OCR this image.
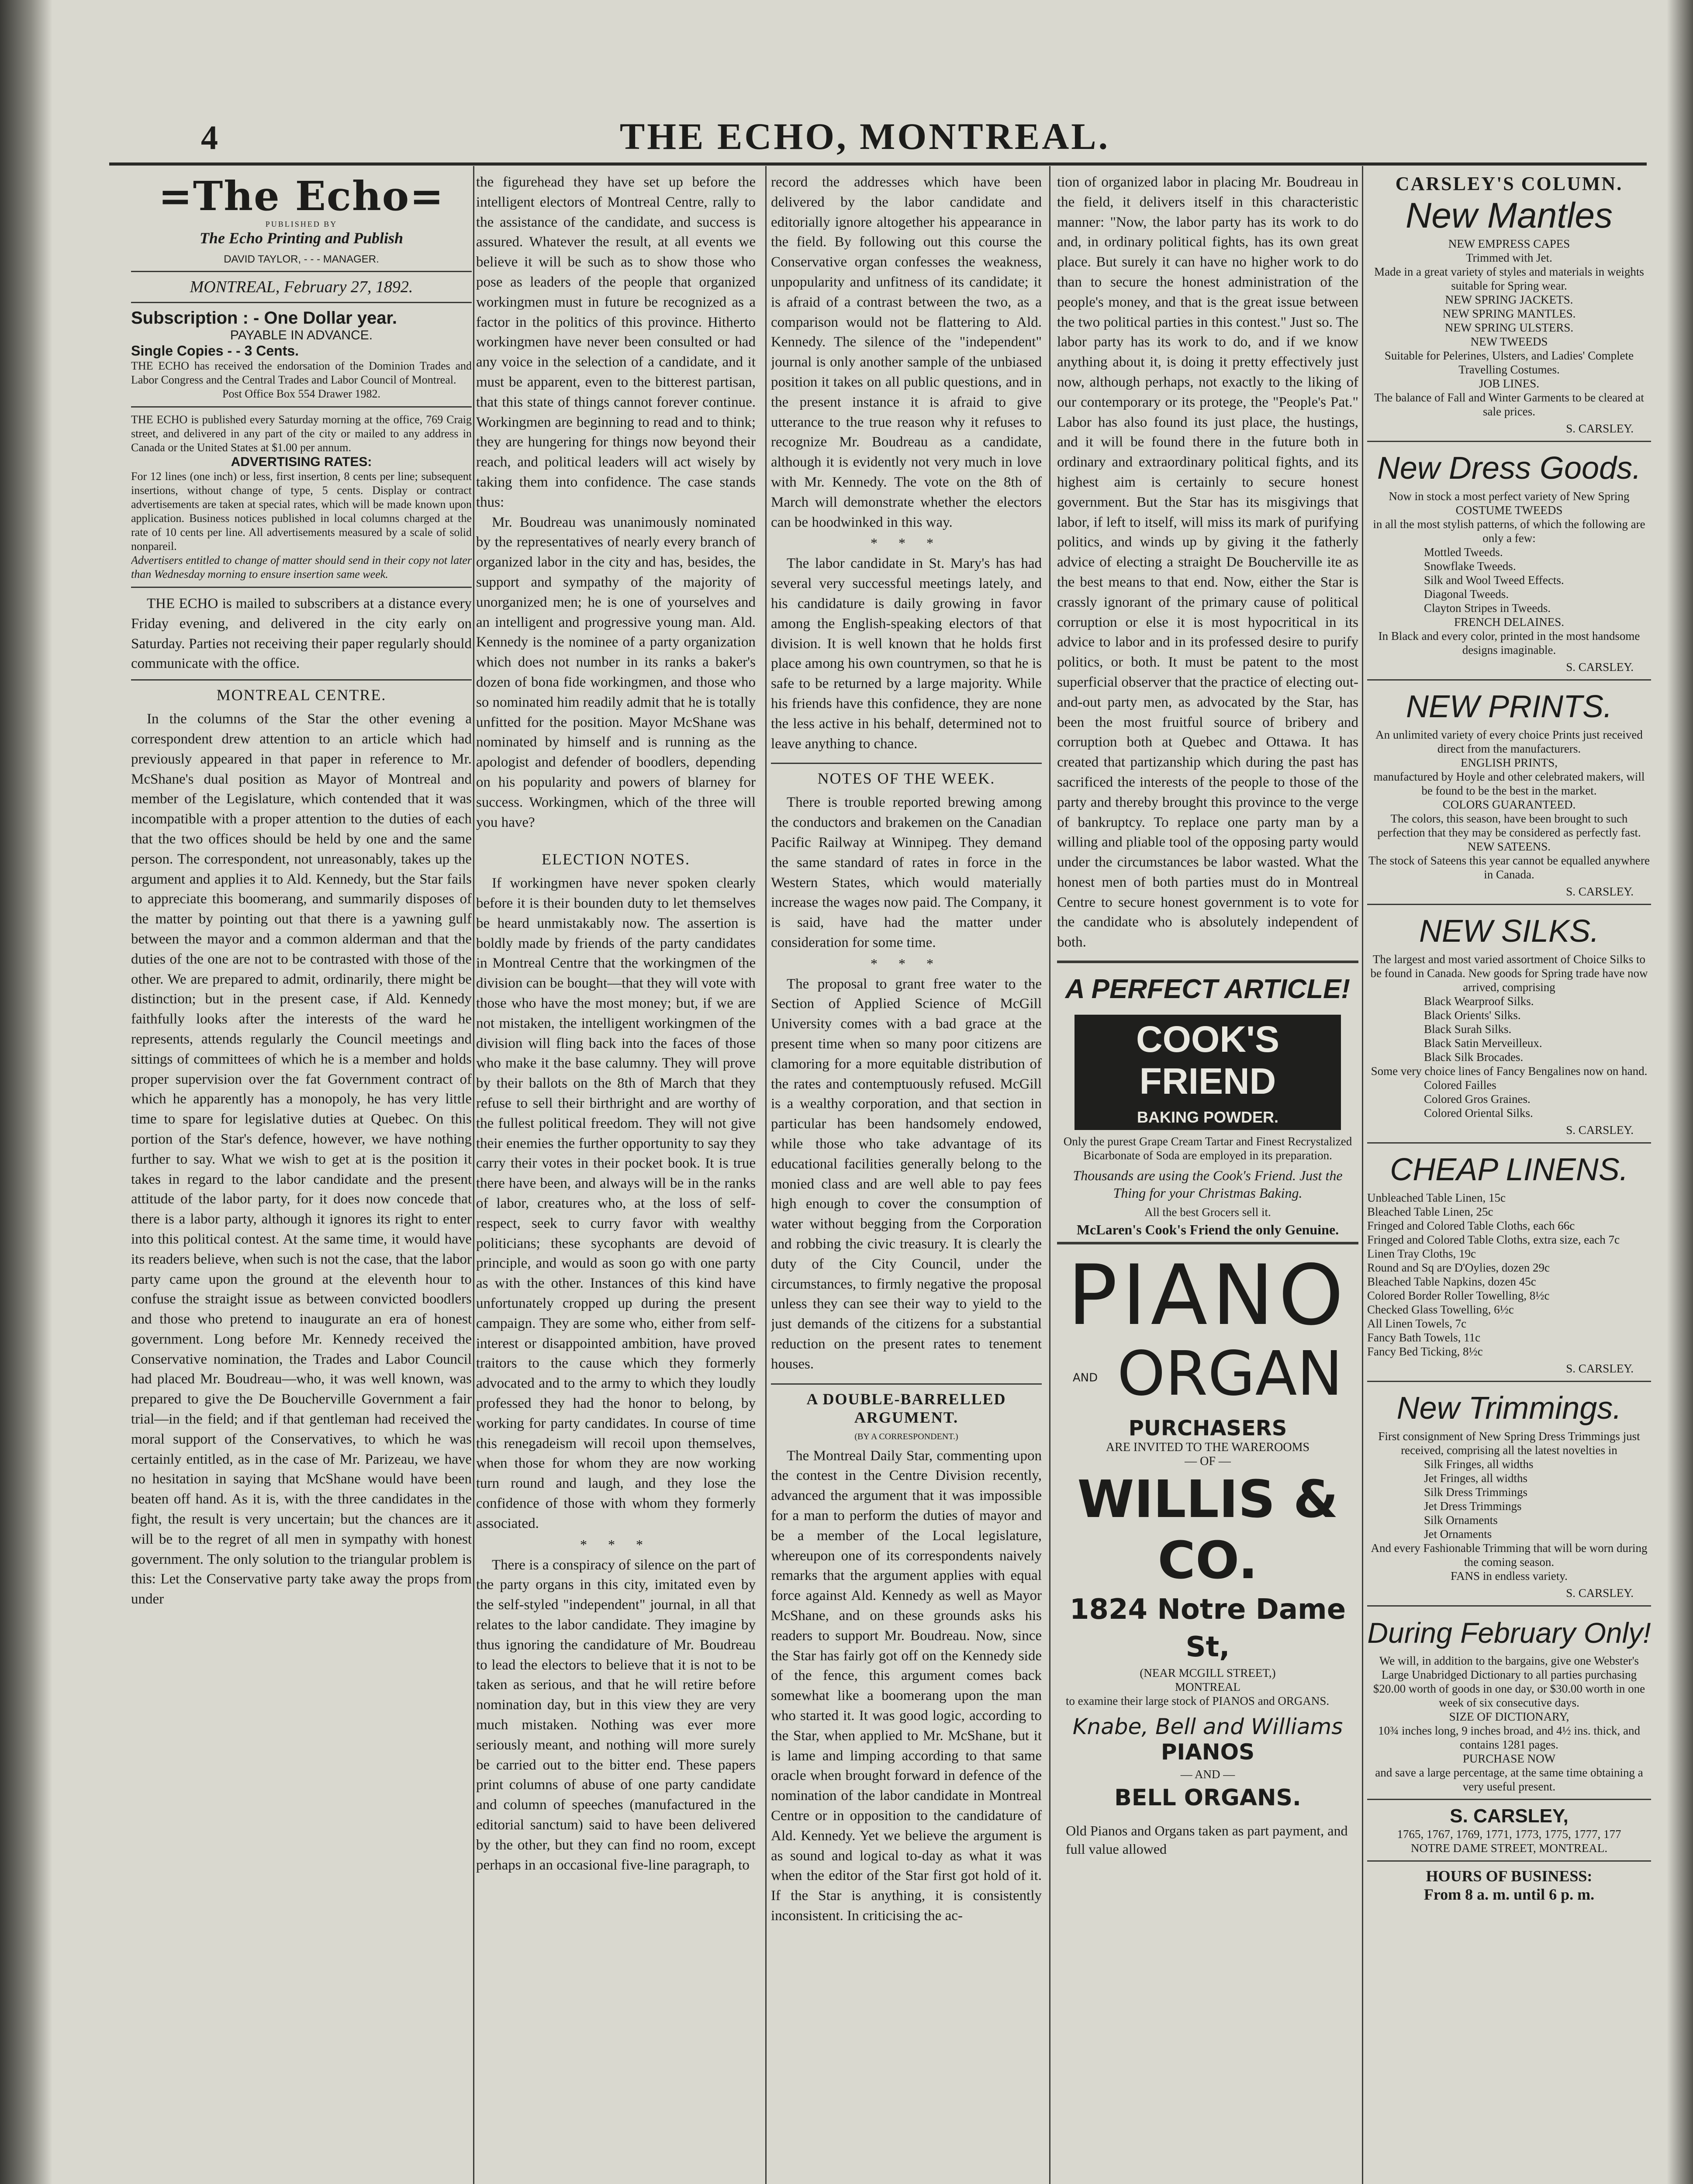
THE ECHO, MONTREAL.
4
=The Echo=
PUBLISHED BY
The Echo Printing and Publish
DAVID TAYLOR, - - - MANAGER.
MONTREAL, February 27, 1892.
Subscription : - One Dollar year.
PAYABLE IN ADVANCE.
Single Copies - - 3 Cents.
THE ECHO has received the endorsation of the Dominion Trades and Labor Congress and the Central Trades and Labor Council of Montreal.
Post Office Box 554 Drawer 1982.
THE ECHO is published every Saturday morning at the office, 769 Craig street, and delivered in any part of the city or mailed to any address in Canada or the United States at $1.00 per annum.
ADVERTISING RATES:
For 12 lines (one inch) or less, first insertion, 8 cents per line; subsequent insertions, without change of type, 5 cents. Display or contract advertisements are taken at special rates, which will be made known upon application. Business notices published in local columns charged at the rate of 10 cents per line. All advertisements measured by a scale of solid nonpareil.
Advertisers entitled to change of matter should send in their copy not later than Wednesday morning to ensure insertion same week.

THE ECHO is mailed to subscribers at a distance every Friday evening, and delivered in the city early on Saturday. Parties not receiving their paper regularly should communicate with the office.

MONTREAL CENTRE.

In the columns of the Star the other evening a correspondent drew attention to an article which had previously appeared in that paper in reference to Mr. McShane's dual position as Mayor of Montreal and member of the Legislature, which contended that it was incompatible with a proper attention to the duties of each that the two offices should be held by one and the same person. The correspondent, not unreasonably, takes up the argument and applies it to Ald. Kennedy, but the Star fails to appreciate this boomerang, and summarily disposes of the matter by pointing out that there is a yawning gulf between the mayor and a common alderman and that the duties of the one are not to be contrasted with those of the other. We are prepared to admit, ordinarily, there might be distinction; but in the present case, if Ald. Kennedy faithfully looks after the interests of the ward he represents, attends regularly the Council meetings and sittings of committees of which he is a member and holds proper supervision over the fat Government contract of which he apparently has a monopoly, he has very little time to spare for legislative duties at Quebec. On this portion of the Star's defence, however, we have nothing further to say. What we wish to get at is the position it takes in regard to the labor candidate and the present attitude of the labor party, for it does now concede that there is a labor party, although it ignores its right to enter into this political contest. At the same time, it would have its readers believe, when such is not the case, that the labor party came upon the ground at the eleventh hour to confuse the straight issue as between convicted boodlers and those who pretend to inaugurate an era of honest government. Long before Mr. Kennedy received the Conservative nomination, the Trades and Labor Council had placed Mr. Boudreau—who, it was well known, was prepared to give the De Boucherville Government a fair trial—in the field; and if that gentleman had received the moral support of the Conservatives, to which he was certainly entitled, as in the case of Mr. Parizeau, we have no hesitation in saying that McShane would have been beaten off hand. As it is, with the three candidates in the fight, the result is very uncertain; but the chances are it will be to the regret of all men in sympathy with honest government. The only solution to the triangular problem is this: Let the Conservative party take away the props from under

the figurehead they have set up before the intelligent electors of Montreal Centre, rally to the assistance of the candidate, and success is assured. Whatever the result, at all events we believe it will be such as to show those who pose as leaders of the people that organized workingmen must in future be recognized as a factor in the politics of this province. Hitherto workingmen have never been consulted or had any voice in the selection of a candidate, and it must be apparent, even to the bitterest partisan, that this state of things cannot forever continue. Workingmen are beginning to read and to think; they are hungering for things now beyond their reach, and political leaders will act wisely by taking them into confidence. The case stands thus:

Mr. Boudreau was unanimously nominated by the representatives of nearly every branch of organized labor in the city and has, besides, the support and sympathy of the majority of unorganized men; he is one of yourselves and an intelligent and progressive young man. Ald. Kennedy is the nominee of a party organization which does not number in its ranks a baker's dozen of bona fide workingmen, and those who so nominated him readily admit that he is totally unfitted for the position. Mayor McShane was nominated by himself and is running as the apologist and defender of boodlers, depending on his popularity and powers of blarney for success. Workingmen, which of the three will you have?

ELECTION NOTES.

If workingmen have never spoken clearly before it is their bounden duty to let themselves be heard unmistakably now. The assertion is boldly made by friends of the party candidates in Montreal Centre that the workingmen of the division can be bought—that they will vote with those who have the most money; but, if we are not mistaken, the intelligent workingmen of the division will fling back into the faces of those who make it the base calumny. They will prove by their ballots on the 8th of March that they refuse to sell their birthright and are worthy of the fullest political freedom. They will not give their enemies the further opportunity to say they carry their votes in their pocket book. It is true there have been, and always will be in the ranks of labor, creatures who, at the loss of self-respect, seek to curry favor with wealthy politicians; these sycophants are devoid of principle, and would as soon go with one party as with the other. Instances of this kind have unfortunately cropped up during the present campaign. They are some who, either from self-interest or disappointed ambition, have proved traitors to the cause which they formerly advocated and to the army to which they loudly professed they had the honor to belong, by working for party candidates. In course of time this renegadeism will recoil upon themselves, when those for whom they are now working turn round and laugh, and they lose the confidence of those with whom they formerly associated.

* * *

There is a conspiracy of silence on the part of the party organs in this city, imitated even by the self-styled "independent" journal, in all that relates to the labor candidate. They imagine by thus ignoring the candidature of Mr. Boudreau to lead the electors to believe that it is not to be taken as serious, and that he will retire before nomination day, but in this view they are very much mistaken. Nothing was ever more seriously meant, and nothing will more surely be carried out to the bitter end. These papers print columns of abuse of one party candidate and column of speeches (manufactured in the editorial sanctum) said to have been delivered by the other, but they can find no room, except perhaps in an occasional five-line paragraph, to

record the addresses which have been delivered by the labor candidate and editorially ignore altogether his appearance in the field. By following out this course the Conservative organ confesses the weakness, unpopularity and unfitness of its candidate; it is afraid of a contrast between the two, as a comparison would not be flattering to Ald. Kennedy. The silence of the "independent" journal is only another sample of the unbiased position it takes on all public questions, and in the present instance it is afraid to give utterance to the true reason why it refuses to recognize Mr. Boudreau as a candidate, although it is evidently not very much in love with Mr. Kennedy. The vote on the 8th of March will demonstrate whether the electors can be hoodwinked in this way.

* * *

The labor candidate in St. Mary's has had several very successful meetings lately, and his candidature is daily growing in favor among the English-speaking electors of that division. It is well known that he holds first place among his own countrymen, so that he is safe to be returned by a large majority. While his friends have this confidence, they are none the less active in his behalf, determined not to leave anything to chance.

NOTES OF THE WEEK.

There is trouble reported brewing among the conductors and brakemen on the Canadian Pacific Railway at Winnipeg. They demand the same standard of rates in force in the Western States, which would materially increase the wages now paid. The Company, it is said, have had the matter under consideration for some time.

* * *

The proposal to grant free water to the Section of Applied Science of McGill University comes with a bad grace at the present time when so many poor citizens are clamoring for a more equitable distribution of the rates and contemptuously refused. McGill is a wealthy corporation, and that section in particular has been handsomely endowed, while those who take advantage of its educational facilities generally belong to the monied class and are well able to pay fees high enough to cover the consumption of water without begging from the Corporation and robbing the civic treasury. It is clearly the duty of the City Council, under the circumstances, to firmly negative the proposal unless they can see their way to yield to the just demands of the citizens for a substantial reduction on the present rates to tenement houses.

A DOUBLE-BARRELLED ARGUMENT.
(BY A CORRESPONDENT.)

The Montreal Daily Star, commenting upon the contest in the Centre Division recently, advanced the argument that it was impossible for a man to perform the duties of mayor and be a member of the Local legislature, whereupon one of its correspondents naively remarks that the argument applies with equal force against Ald. Kennedy as well as Mayor McShane, and on these grounds asks his readers to support Mr. Boudreau. Now, since the Star has fairly got off on the Kennedy side of the fence, this argument comes back somewhat like a boomerang upon the man who started it. It was good logic, according to the Star, when applied to Mr. McShane, but it is lame and limping according to that same oracle when brought forward in defence of the nomination of the labor candidate in Montreal Centre or in opposition to the candidature of Ald. Kennedy. Yet we believe the argument is as sound and logical to-day as what it was when the editor of the Star first got hold of it. If the Star is anything, it is consistently inconsistent. In criticising the ac-

tion of organized labor in placing Mr. Boudreau in the field, it delivers itself in this characteristic manner: "Now, the labor party has its work to do and, in ordinary political fights, has its own great place. But surely it can have no higher work to do than to secure the honest administration of the people's money, and that is the great issue between the two political parties in this contest." Just so. The labor party has its work to do, and if we know anything about it, is doing it pretty effectively just now, although perhaps, not exactly to the liking of our contemporary or its protege, the "People's Pat." Labor has also found its just place, the hustings, and it will be found there in the future both in ordinary and extraordinary political fights, and its highest aim is certainly to secure honest government. But the Star has its misgivings that labor, if left to itself, will miss its mark of purifying politics, and winds up by giving it the fatherly advice of electing a straight De Boucherville ite as the best means to that end. Now, either the Star is crassly ignorant of the primary cause of political corruption or else it is most hypocritical in its advice to labor and in its professed desire to purify politics, or both. It must be patent to the most superficial observer that the practice of electing out-and-out party men, as advocated by the Star, has been the most fruitful source of bribery and corruption both at Quebec and Ottawa. It has created that partizanship which during the past has sacrificed the interests of the people to those of the party and thereby brought this province to the verge of bankruptcy. To replace one party man by a willing and pliable tool of the opposing party would under the circumstances be labor wasted. What the honest men of both parties must do in Montreal Centre to secure honest government is to vote for the candidate who is absolutely independent of both.

A PERFECT ARTICLE!
COOK'S FRIEND
BAKING POWDER.
Only the purest Grape Cream Tartar and Finest Recrystalized Bicarbonate of Soda are employed in its preparation.
Thousands are using the Cook's Friend. Just the Thing for your Christmas Baking.
All the best Grocers sell it.
McLaren's Cook's Friend the only Genuine.
PIANO
AND ORGAN
PURCHASERS
ARE INVITED TO THE WAREROOMS
— OF —
WILLIS & CO.
1824 Notre Dame St,
(NEAR MCGILL STREET,)
MONTREAL
to examine their large stock of PIANOS and ORGANS.
Knabe, Bell and Williams
PIANOS
— AND —
BELL ORGANS.
Old Pianos and Organs taken as part payment, and full value allowed
CARSLEY'S COLUMN.
New Mantles
NEW EMPRESS CAPES
Trimmed with Jet.
Made in a great variety of styles and materials in weights suitable for Spring wear.
NEW SPRING JACKETS.
NEW SPRING MANTLES.
NEW SPRING ULSTERS.
NEW TWEEDS
Suitable for Pelerines, Ulsters, and Ladies' Complete Travelling Costumes.
JOB LINES.
The balance of Fall and Winter Garments to be cleared at sale prices.
S. CARSLEY.
New Dress Goods.
Now in stock a most perfect variety of New Spring
COSTUME TWEEDS
in all the most stylish patterns, of which the following are only a few:
Mottled Tweeds.
Snowflake Tweeds.
Silk and Wool Tweed Effects.
Diagonal Tweeds.
Clayton Stripes in Tweeds.
FRENCH DELAINES.
In Black and every color, printed in the most handsome designs imaginable.
S. CARSLEY.
NEW PRINTS.
An unlimited variety of every choice Prints just received direct from the manufacturers.
ENGLISH PRINTS,
manufactured by Hoyle and other celebrated makers, will be found to be the best in the market.
COLORS GUARANTEED.
The colors, this season, have been brought to such perfection that they may be considered as perfectly fast.
NEW SATEENS.
The stock of Sateens this year cannot be equalled anywhere in Canada.
S. CARSLEY.
NEW SILKS.
The largest and most varied assortment of Choice Silks to be found in Canada. New goods for Spring trade have now arrived, comprising
Black Wearproof Silks.
Black Orients' Silks.
Black Surah Silks.
Black Satin Merveilleux.
Black Silk Brocades.
Some very choice lines of Fancy Bengalines now on hand.
Colored Failles
Colored Gros Graines.
Colored Oriental Silks.
S. CARSLEY.
CHEAP LINENS.
Unbleached Table Linen, 15c
Bleached Table Linen, 25c
Fringed and Colored Table Cloths, each 66c
Fringed and Colored Table Cloths, extra size, each 7c
Linen Tray Cloths, 19c
Round and Sq are D'Oylies, dozen 29c
Bleached Table Napkins, dozen 45c
Colored Border Roller Towelling, 8½c
Checked Glass Towelling, 6½c
All Linen Towels, 7c
Fancy Bath Towels, 11c
Fancy Bed Ticking, 8½c
S. CARSLEY.
New Trimmings.
First consignment of New Spring Dress Trimmings just received, comprising all the latest novelties in
Silk Fringes, all widths
Jet Fringes, all widths
Silk Dress Trimmings
Jet Dress Trimmings
Silk Ornaments
Jet Ornaments
And every Fashionable Trimming that will be worn during the coming season.
FANS in endless variety.
S. CARSLEY.
During February Only!
We will, in addition to the bargains, give one Webster's Large Unabridged Dictionary to all parties purchasing $20.00 worth of goods in one day, or $30.00 worth in one week of six consecutive days.
SIZE OF DICTIONARY,
10¾ inches long, 9 inches broad, and 4½ ins. thick, and contains 1281 pages.
PURCHASE NOW
and save a large percentage, at the same time obtaining a very useful present.
S. CARSLEY,
1765, 1767, 1769, 1771, 1773, 1775, 1777, 177
NOTRE DAME STREET, MONTREAL.
HOURS OF BUSINESS:
From 8 a. m. until 6 p. m.
